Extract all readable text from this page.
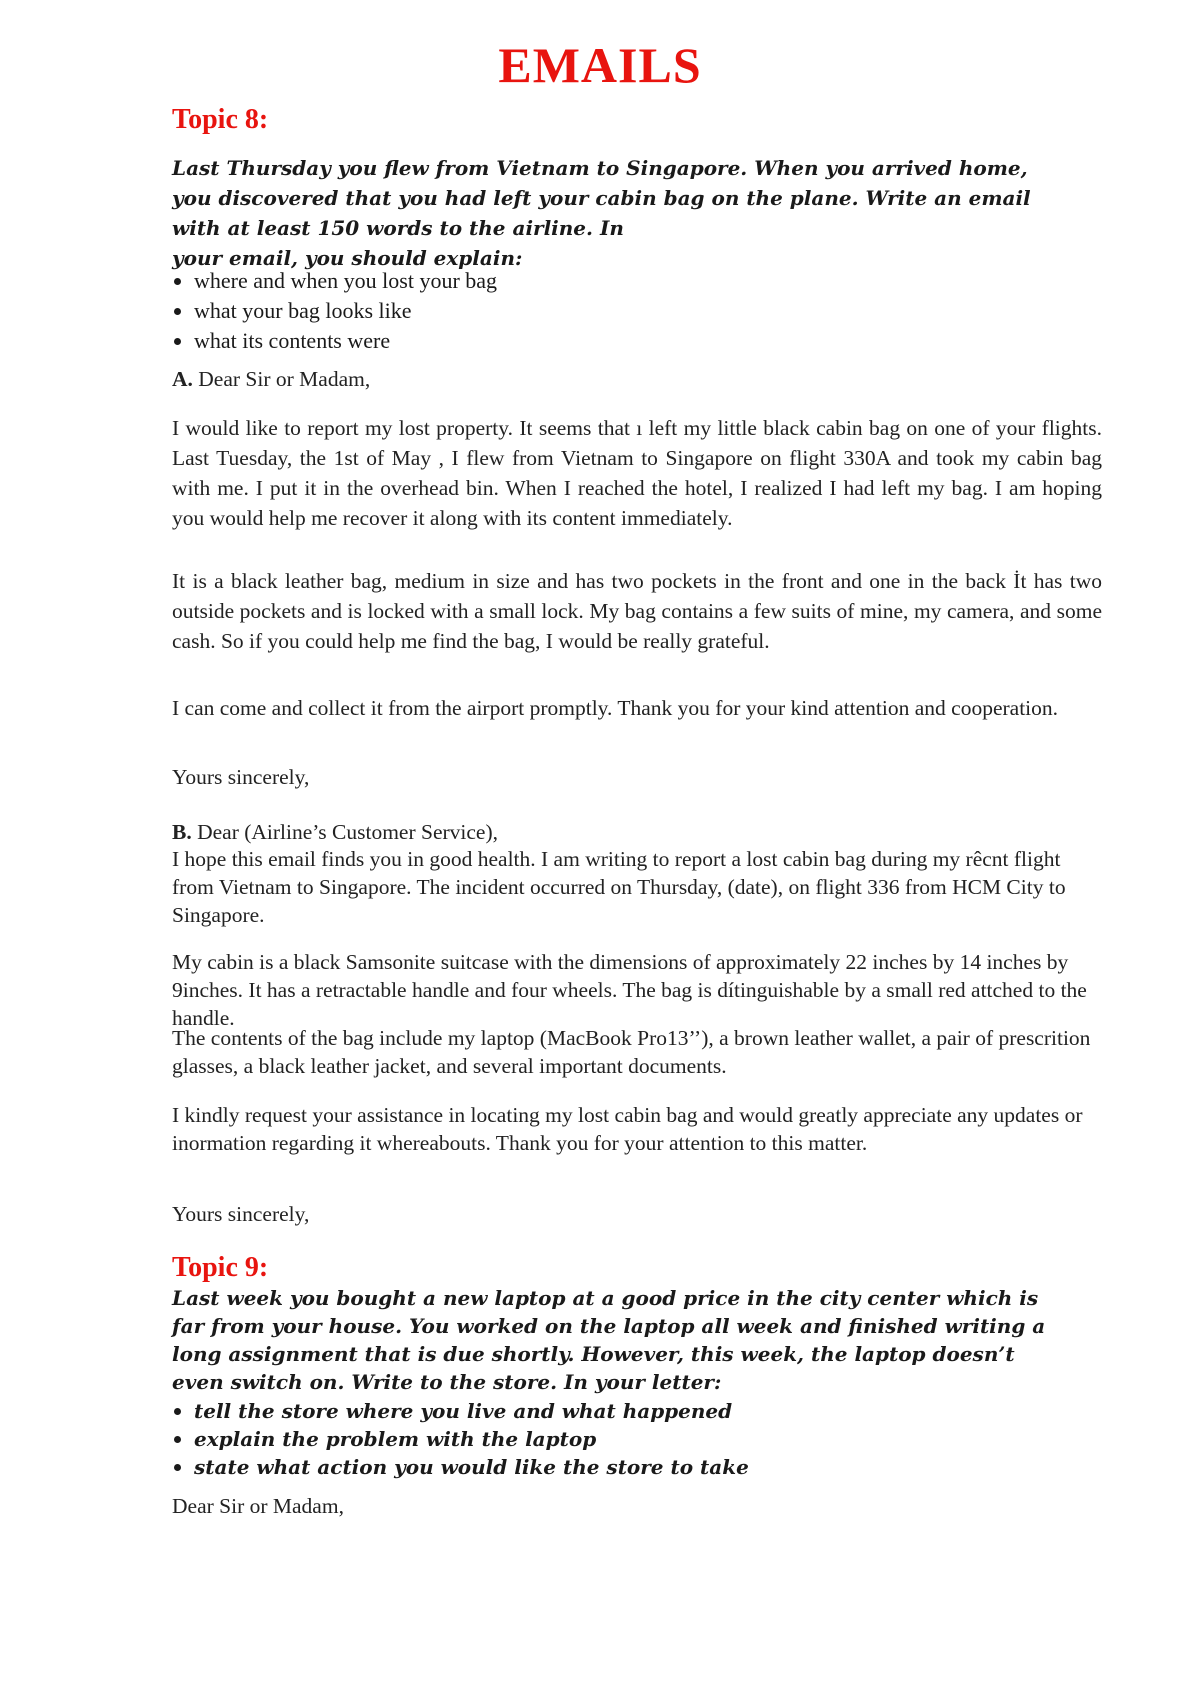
EMAILS
Topic 8:

Last Thursday you flew from Vietnam to Singapore. When you arrived home, you discovered that you had left your cabin bag on the plane. Write an email with at least 150 words to the airline. In

your email, you should explain:

where and when you lost your bag
what your bag looks like
what its contents were

A. Dear Sir or Madam,

I would like to report my lost property. It seems that ı left my little black cabin bag on one of your flights. Last Tuesday, the 1st of May , I flew from Vietnam to Singapore on flight 330A and took my cabin bag with me. I put it in the overhead bin. When I reached the hotel, I realized I had left my bag. I am hoping you would help me recover it along with its content immediately.

It is a black leather bag, medium in size and has two pockets in the front and one in the back İt has two outside pockets and is locked with a small lock. My bag contains a few suits of mine, my camera, and some cash. So if you could help me find the bag, I would be really grateful.

I can come and collect it from the airport promptly. Thank you for your kind attention and cooperation.

Yours sincerely,

B. Dear (Airline’s Customer Service),

I hope this email finds you in good health. I am writing to report a lost cabin bag during my rêcnt flight from Vietnam to Singapore. The incident occurred on Thursday, (date), on flight 336 from HCM City to Singapore.

My cabin is a black Samsonite suitcase with the dimensions of approximately 22 inches by 14 inches by 9inches. It has a retractable handle and four wheels. The bag is dítinguishable by a small red attched to the handle.

The contents of the bag include my laptop (MacBook Pro13’’), a brown leather wallet, a pair of prescrition glasses, a black leather jacket, and several important documents.

I kindly request your assistance in locating my lost cabin bag and would greatly appreciate any updates or inormation regarding it whereabouts. Thank you for your attention to this matter.

Yours sincerely,

Topic 9:

Last week you bought a new laptop at a good price in the city center which is far from your house. You worked on the laptop all week and finished writing a long assignment that is due shortly. However, this week, the laptop doesn’t even switch on. Write to the store. In your letter:

tell the store where you live and what happened
explain the problem with the laptop
state what action you would like the store to take

Dear Sir or Madam,
